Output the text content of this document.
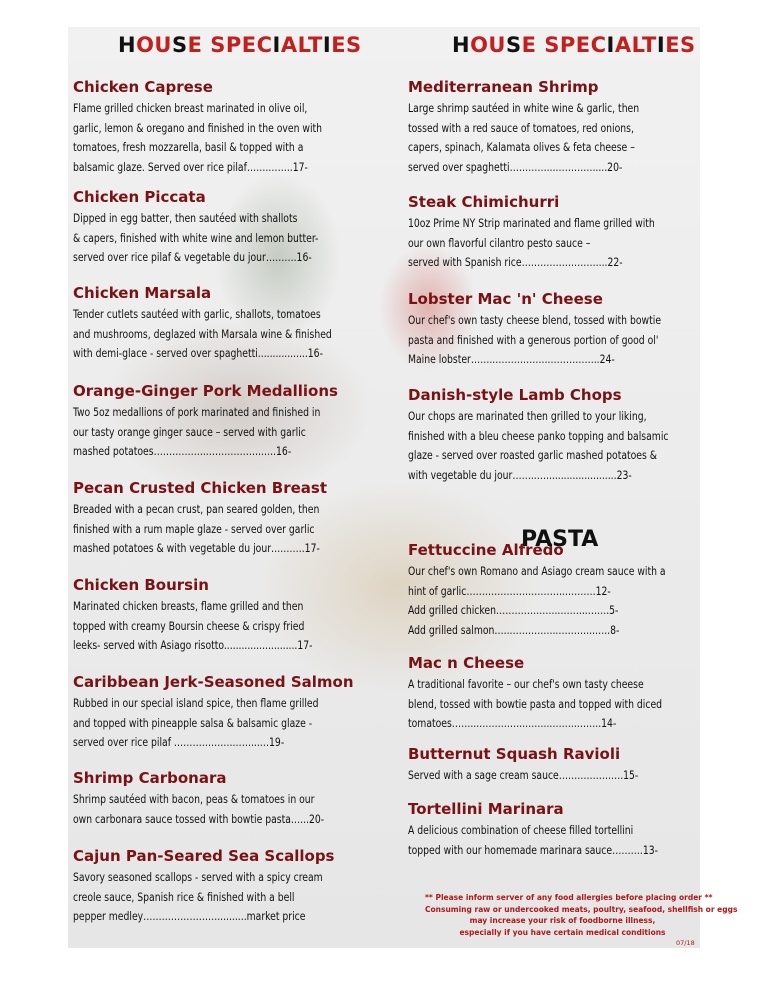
HOUSE SPECIALTIES	HOUSE SPECIALTIES
Chicken Caprese
Flame grilled chicken breast marinated in olive oil,
garlic, lemon & oregano and finished in the oven with
tomatoes, fresh mozzarella, basil & topped with a
balsamic glaze. Served over rice pilaf…….……..17-
Chicken Piccata
Dipped in egg batter, then sautéed with shallots
& capers, finished with white wine and lemon butter-
served over rice pilaf & vegetable du jour……….16-
Chicken Marsala
Tender cutlets sautéed with garlic, shallots, tomatoes
and mushrooms, deglazed with Marsala wine & finished
with demi-glace - served over spaghetti.................16-
Orange-Ginger Pork Medallions
Two 5oz medallions of pork marinated and finished in
our tasty orange ginger sauce – served with garlic
mashed potatoes……………...……………..…..16-
Pecan Crusted Chicken Breast
Breaded with a pecan crust, pan seared golden, then
finished with a rum maple glaze - served over garlic
mashed potatoes & with vegetable du jour….…….17-
Chicken Boursin
Marinated chicken breasts, flame grilled and then
topped with creamy Boursin cheese & crispy fried
leeks- served with Asiago risotto.........................17-
Caribbean Jerk-Seasoned Salmon
Rubbed in our special island spice, then flame grilled
and topped with pineapple salsa & balsamic glaze -
served over rice pilaf ……………….……...…19-
Shrimp Carbonara
Shrimp sautéed with bacon, peas & tomatoes in our
own carbonara sauce tossed with bowtie pasta…...20-
Cajun Pan-Seared Sea Scallops
Savory seasoned scallops - served with a spicy cream
creole sauce, Spanish rice & finished with a bell
pepper medley……………………..........market price
Mediterranean Shrimp
Large shrimp sautéed in white wine & garlic, then
tossed with a red sauce of tomatoes, red onions,
capers, spinach, Kalamata olives & feta cheese –
served over spaghetti…………...………….....20-
Steak Chimichurri
10oz Prime NY Strip marinated and flame grilled with
our own flavorful cilantro pesto sauce –
served with Spanish rice……………………....22-
Lobster Mac 'n' Cheese
Our chef's own tasty cheese blend, tossed with bowtie
pasta and finished with a generous portion of good ol'
Maine lobster……..……………..……………..24-
Danish-style Lamb Chops
Our chops are marinated then grilled to your liking,
finished with a bleu cheese panko topping and balsamic
glaze - served over roasted garlic mashed potatoes &
with vegetable du jour……..…........................23-
Fettuccine Alfredo
Our chef's own Romano and Asiago cream sauce with a
hint of garlic…………………………..……….12-
Add grilled chicken………………...……...…….5-
Add grilled salmon…...…………...………...…..8-
Mac n Cheese
A traditional favorite – our chef's own tasty cheese
blend, tossed with bowtie pasta and topped with diced
tomatoes……...…………...……...……..……..14-
Butternut Squash Ravioli
Served with a sage cream sauce……….…….….15-
Tortellini Marinara
A delicious combination of cheese filled tortellini
topped with our homemade marinara sauce……….13-
PASTA
** Please inform server of any food allergies before placing order **
Consuming raw or undercooked meats, poultry, seafood, shellfish or eggs
may increase your risk of foodborne illness,
especially if you have certain medical conditions
07/18
